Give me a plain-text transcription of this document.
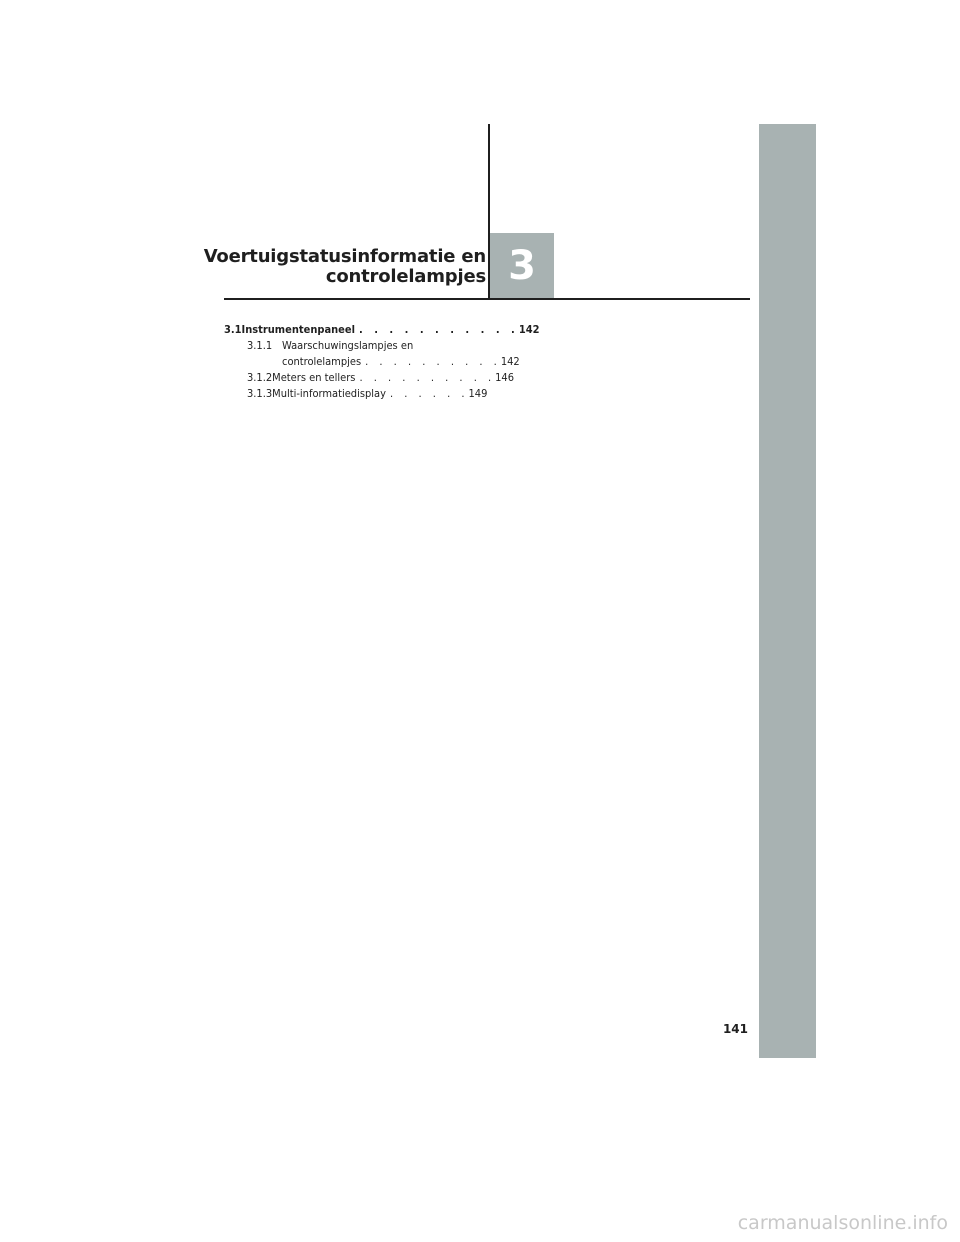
Voertuigstatusinformatie en
controlelampjes 3
3.1 Instrumentenpaneel . . . . . . . . . . . 142
3.1.1 Waarschuwingslampjes en
controlelampjes . . . . . . . . . . 142
3.1.2 Meters en tellers . . . . . . . . . . 146
3.1.3 Multi-informatiedisplay . . . . . . 149
141
carmanualsonline.info
